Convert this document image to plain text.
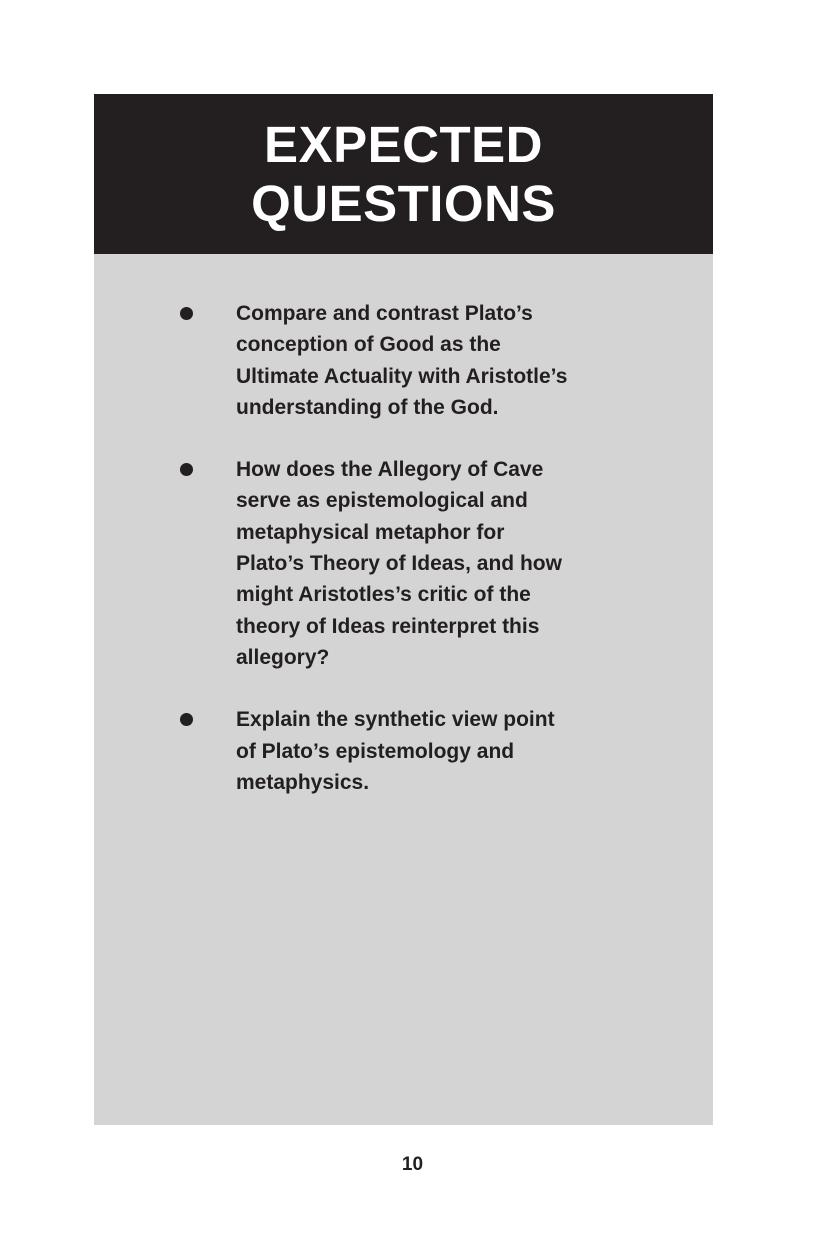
EXPECTED
QUESTIONS
Compare and contrast Plato’s
conception of Good as the
Ultimate Actuality with Aristotle’s
understanding of the God.
How does the Allegory of Cave
serve as epistemological and
metaphysical metaphor for
Plato’s Theory of Ideas, and how
might Aristotles’s critic of the
theory of Ideas reinterpret this
allegory?
Explain the synthetic view point
of Plato’s epistemology and
metaphysics.
10
